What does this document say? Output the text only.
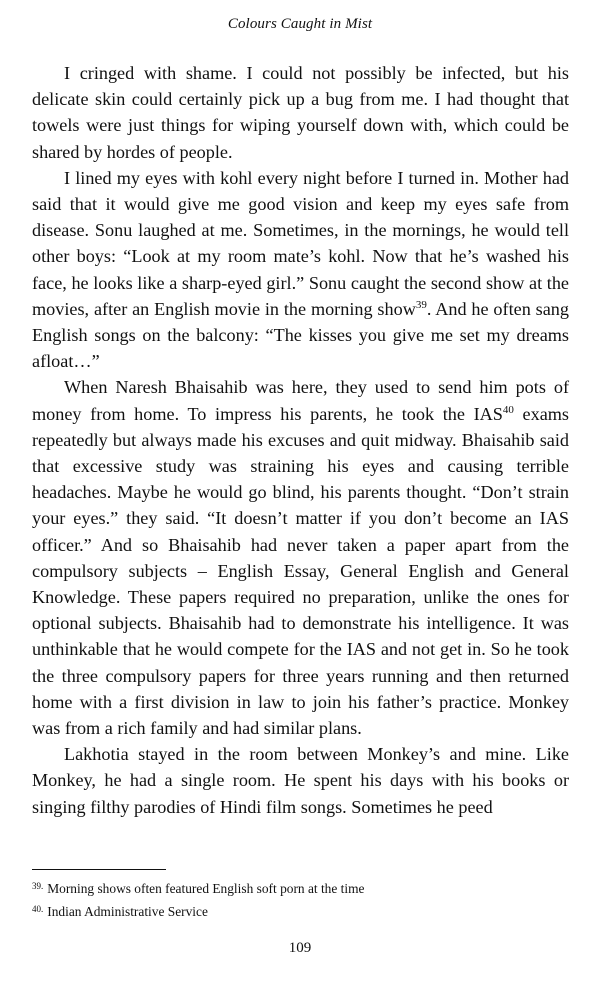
Colours Caught in Mist

I cringed with shame. I could not possibly be infected, but his delicate skin could certainly pick up a bug from me. I had thought that towels were just things for wiping yourself down with, which could be shared by hordes of people.

I lined my eyes with kohl every night before I turned in. Mother had said that it would give me good vision and keep my eyes safe from disease. Sonu laughed at me. Sometimes, in the mornings, he would tell other boys: “Look at my room mate’s kohl. Now that he’s washed his face, he looks like a sharp-eyed girl.” Sonu caught the second show at the movies, after an English movie in the morning show$^{39}$. And he often sang English songs on the balcony: “The kisses you give me set my dreams afloat…”

When Naresh Bhaisahib was here, they used to send him pots of money from home. To impress his parents, he took the IAS$^{40}$ exams repeatedly but always made his excuses and quit midway. Bhaisahib said that excessive study was straining his eyes and causing terrible headaches. Maybe he would go blind, his parents thought. “Don’t strain your eyes.” they said. “It doesn’t matter if you don’t become an IAS officer.” And so Bhaisahib had never taken a paper apart from the compulsory subjects – English Essay, General English and General Knowledge. These papers required no preparation, unlike the ones for optional subjects. Bhaisahib had to demonstrate his intelligence. It was unthinkable that he would compete for the IAS and not get in. So he took the three compulsory papers for three years running and then returned home with a first division in law to join his father’s practice. Monkey was from a rich family and had similar plans.

Lakhotia stayed in the room between Monkey’s and mine. Like Monkey, he had a single room. He spent his days with his books or singing filthy parodies of Hindi film songs. Sometimes he peed

$^{39.}$ Morning shows often featured English soft porn at the time
$^{40.}$ Indian Administrative Service
109
